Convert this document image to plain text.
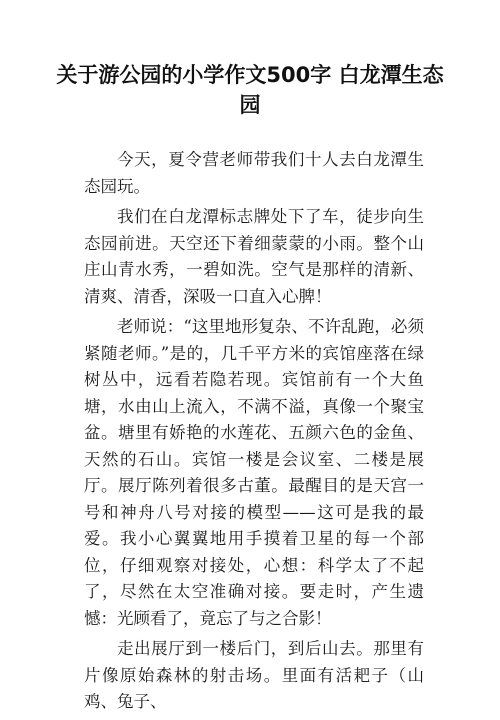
关于游公园的小学作文500字 白龙潭生态园

今天，夏令营老师带我们十人去白龙潭生态园玩。

我们在白龙潭标志牌处下了车，徒步向生态园前进。天空还下着细蒙蒙的小雨。整个山庄山青水秀，一碧如洗。空气是那样的清新、清爽、清香，深吸一口直入心脾！

老师说：“这里地形复杂、不许乱跑，必须紧随老师。”是的，几千平方米的宾馆座落在绿树丛中，远看若隐若现。宾馆前有一个大鱼塘，水由山上流入，不满不溢，真像一个聚宝盆。塘里有娇艳的水莲花、五颜六色的金鱼、天然的石山。宾馆一楼是会议室、二楼是展厅。展厅陈列着很多古董。最醒目的是天宫一号和神舟八号对接的模型——这可是我的最爱。我小心翼翼地用手摸着卫星的每一个部位，仔细观察对接处，心想：科学太了不起了，尽然在太空准确对接。要走时，产生遗憾：光顾看了，竟忘了与之合影！

走出展厅到一楼后门，到后山去。那里有片像原始森林的射击场。里面有活耙子（山鸡、兔子、
